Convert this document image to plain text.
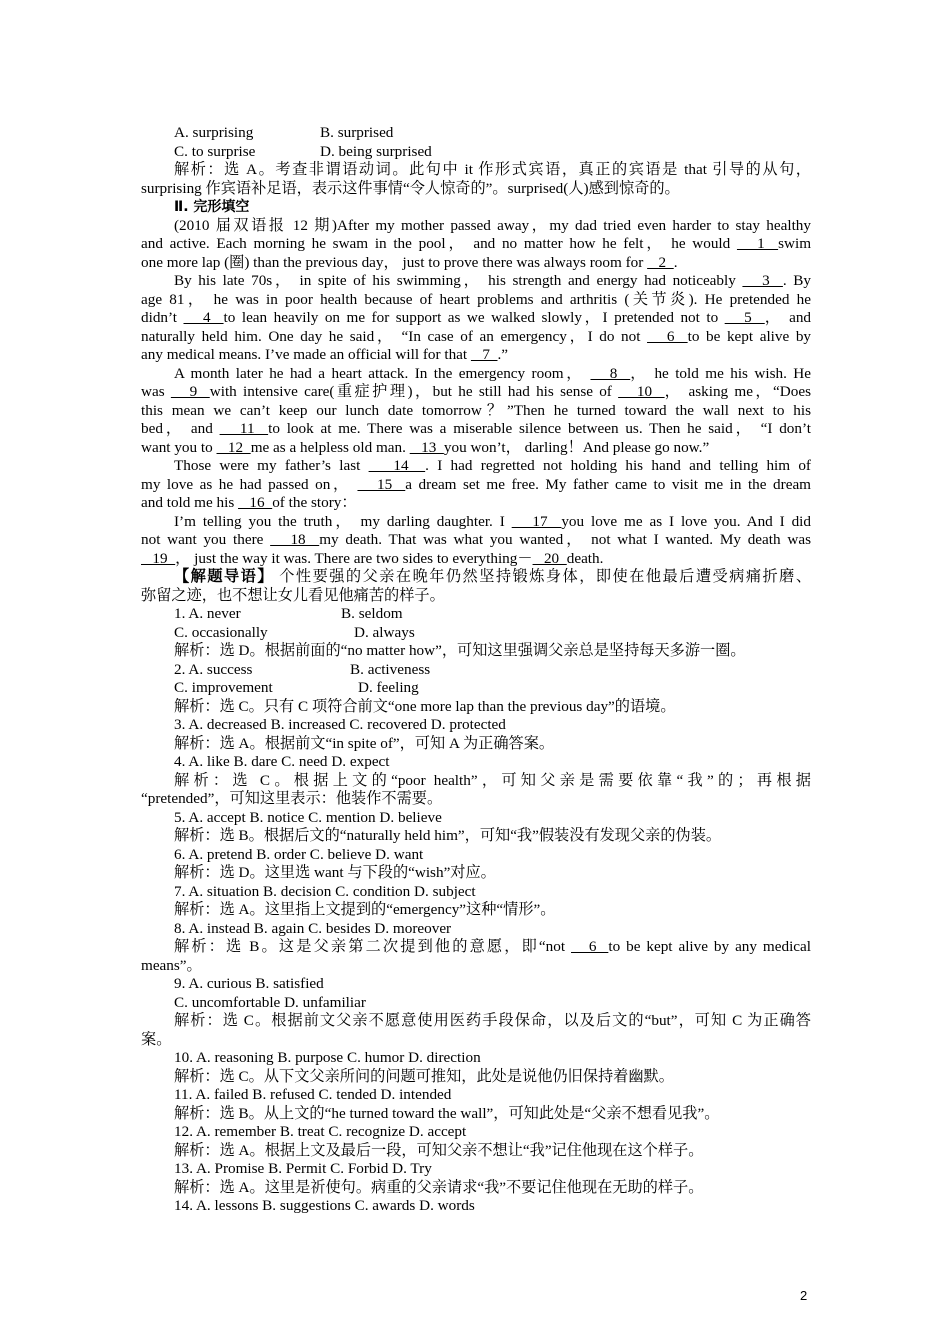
A. surprising	B. surprised
C. to surprise	D. being surprised
解析：选 A。考查非谓语动词。此句中 it 作形式宾语，真正的宾语是 that 引导的从句，
surprising 作宾语补足语，表示这件事情“令人惊奇的”。surprised(人)感到惊奇的。
Ⅱ. 完形填空
(2010 届双语报 12 期)After my mother passed away，my dad tried even harder to stay healthy
and active. Each morning he swam in the pool， and no matter how he felt， he would    1  swim
one more lap (圈) than the previous day， just to prove there was always room for    2  .
By his late 70s， in spite of his swimming， his strength and energy had noticeably    3  . By
age 81， he was in poor health because of heart problems and arthritis (关节炎). He pretended he
didn’t    4  to lean heavily on me for support as we walked slowly，I pretended not to    5  ， and
naturally held him. One day he said， “In case of an emergency，I do not    6  to be kept alive by
any medical means. I’ve made an official will for that    7  .”
A month later he had a heart attack. In the emergency room，    8  ， he told me his wish. He
was    9  with intensive care(重症护理)，but he still had his sense of    10  ， asking me，“Does
this mean we can’t keep our lunch date tomorrow？”Then he turned toward the wall next to his
bed， and    11  to look at me. There was a miserable silence between us. Then he said， “I don’t
want you to    12  me as a helpless old man.    13  you won’t， darling！And please go now.”
Those were my father’s last    14  . I had regretted not holding his hand and telling him of
my love as he had passed on，    15  a dream set me free. My father came to visit me in the dream
and told me his    16  of the story：
I’m telling you the truth， my darling daughter. I    17  you love me as I love you. And I did
not want you there    18  my death. That was what you wanted， not what I wanted. My death was
19  ， just the way it was. There are two sides to everything－   20  death.
【解题导语】 个性要强的父亲在晚年仍然坚持锻炼身体，即使在他最后遭受病痛折磨、
弥留之迹，也不想让女儿看见他痛苦的样子。
1. A. never	B. seldom
C. occasionally	D. always
解析：选 D。根据前面的“no matter how”，可知这里强调父亲总是坚持每天多游一圈。
2. A. success	B. activeness
C. improvement	D. feeling
解析：选 C。只有 C 项符合前文“one more lap than the previous day”的语境。
3. A. decreased B. increased C. recovered D. protected
解析：选 A。根据前文“in spite of”，可知 A 为正确答案。
4. A. like B. dare C. need D. expect
解析：选 C。根据上文的“poor health”，可知父亲是需要依靠“我”的；再根据
“pretended”，可知这里表示：他装作不需要。
5. A. accept B. notice C. mention D. believe
解析：选 B。根据后文的“naturally held him”，可知“我”假装没有发现父亲的伪装。
6. A. pretend B. order C. believe D. want
解析：选 D。这里选 want 与下段的“wish”对应。
7. A. situation B. decision C. condition D. subject
解析：选 A。这里指上文提到的“emergency”这种“情形”。
8. A. instead B. again C. besides D. moreover
解析：选 B。这是父亲第二次提到他的意愿，即“not    6  to be kept alive by any medical
means”。
9. A. curious B. satisfied
C. uncomfortable D. unfamiliar
解析：选 C。根据前文父亲不愿意使用医药手段保命，以及后文的“but”，可知 C 为正确答
案。
10. A. reasoning B. purpose C. humor D. direction
解析：选 C。从下文父亲所问的问题可推知，此处是说他仍旧保持着幽默。
11. A. failed B. refused C. tended D. intended
解析：选 B。从上文的“he turned toward the wall”，可知此处是“父亲不想看见我”。
12. A. remember B. treat C. recognize D. accept
解析：选 A。根据上文及最后一段，可知父亲不想让“我”记住他现在这个样子。
13. A. Promise B. Permit C. Forbid D. Try
解析：选 A。这里是祈使句。病重的父亲请求“我”不要记住他现在无助的样子。
14. A. lessons B. suggestions C. awards D. words
2
